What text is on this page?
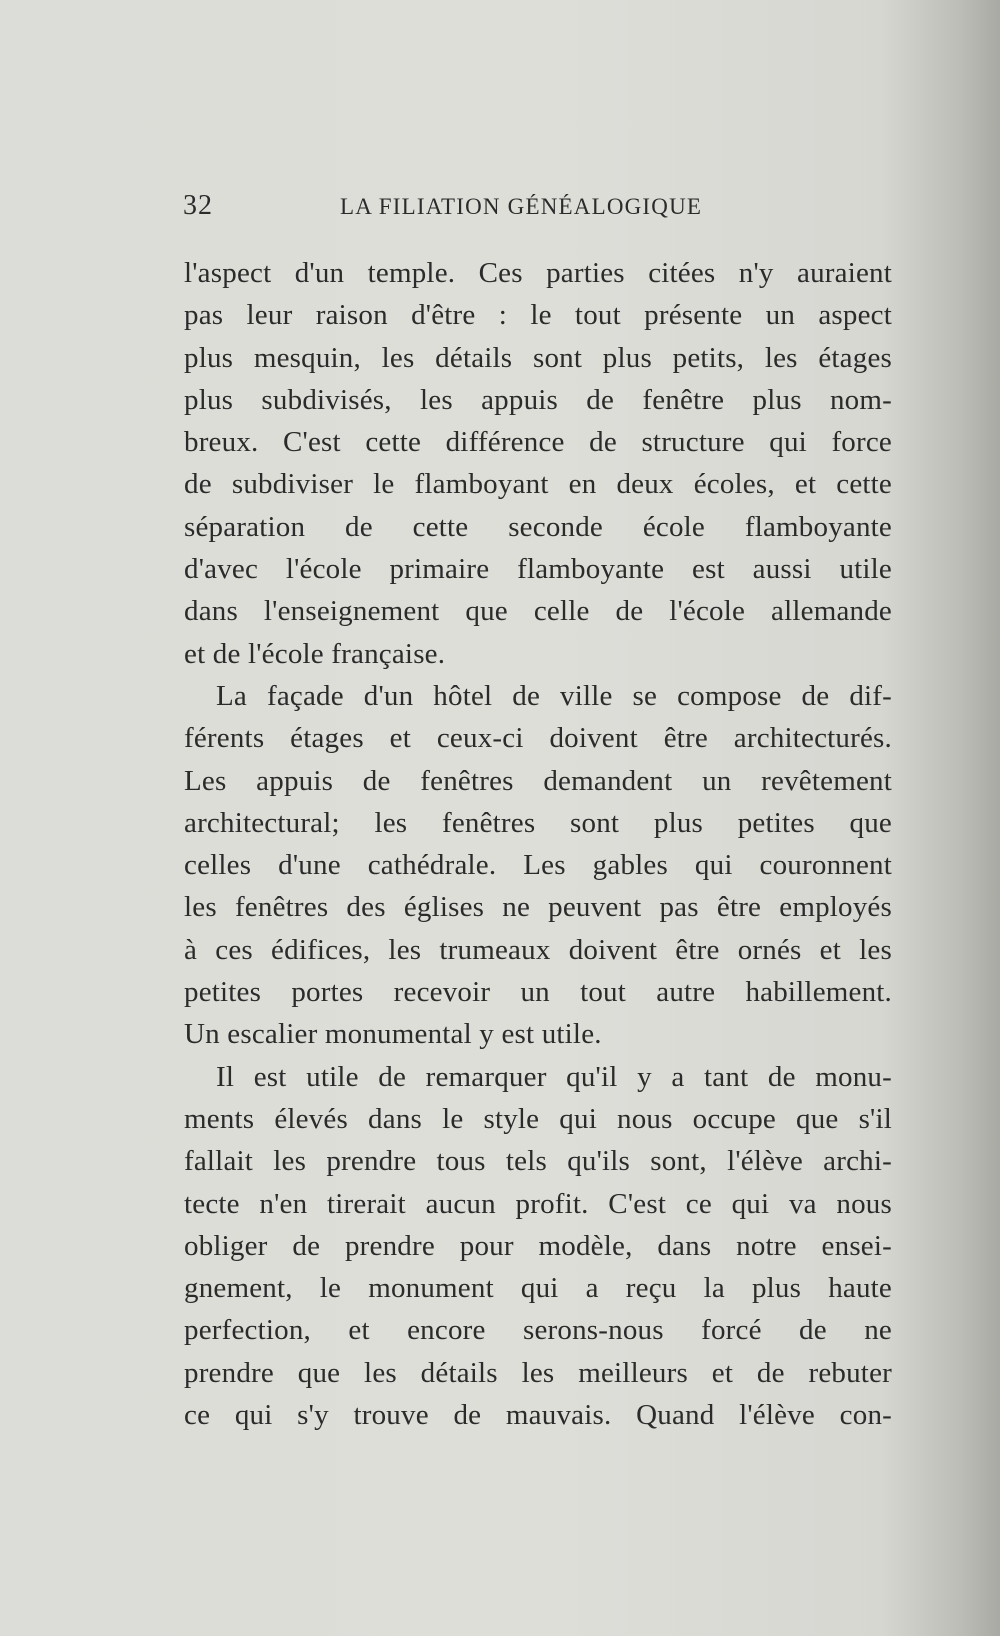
32	LA FILIATION GÉNÉALOGIQUE
l'aspect d'un temple. Ces parties citées n'y auraient
pas leur raison d'être : le tout présente un aspect
plus mesquin, les détails sont plus petits, les étages
plus subdivisés, les appuis de fenêtre plus nom-
breux. C'est cette différence de structure qui force
de subdiviser le flamboyant en deux écoles, et cette
séparation de cette seconde école flamboyante
d'avec l'école primaire flamboyante est aussi utile
dans l'enseignement que celle de l'école allemande
et de l'école française.
La façade d'un hôtel de ville se compose de dif-
férents étages et ceux-ci doivent être architecturés.
Les appuis de fenêtres demandent un revêtement
architectural; les fenêtres sont plus petites que
celles d'une cathédrale. Les gables qui couronnent
les fenêtres des églises ne peuvent pas être employés
à ces édifices, les trumeaux doivent être ornés et les
petites portes recevoir un tout autre habillement.
Un escalier monumental y est utile.
Il est utile de remarquer qu'il y a tant de monu-
ments élevés dans le style qui nous occupe que s'il
fallait les prendre tous tels qu'ils sont, l'élève archi-
tecte n'en tirerait aucun profit. C'est ce qui va nous
obliger de prendre pour modèle, dans notre ensei-
gnement, le monument qui a reçu la plus haute
perfection, et encore serons-nous forcé de ne
prendre que les détails les meilleurs et de rebuter
ce qui s'y trouve de mauvais. Quand l'élève con-
